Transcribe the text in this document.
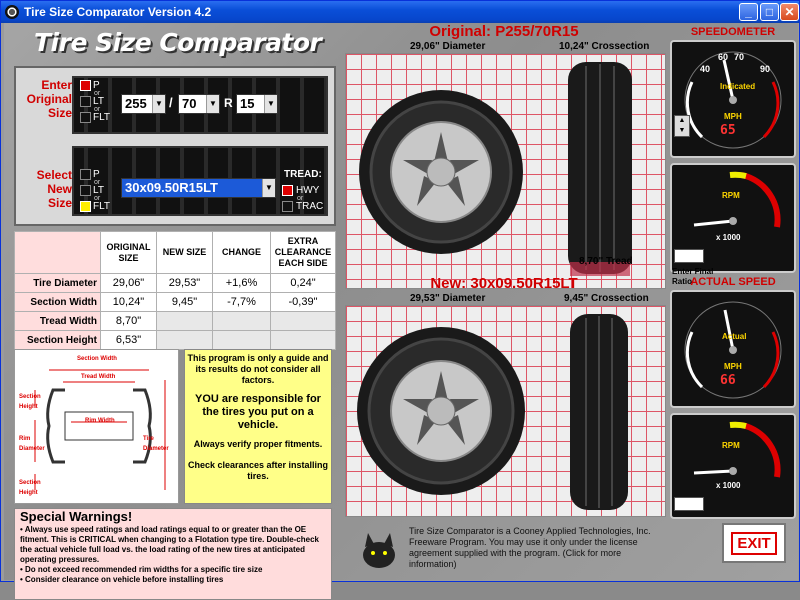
Tire Size Comparator Version 4.2	_	□ ✕
Tire Size Comparator
Enter
Original
Size
P
or
LT
or
FLT
255	▼ / 70	▼ R 15	▼
Select
New
Size
P
or
LT
or
FLT
30x09.50R15LT	▼
TREAD:
HWY
or
TRAC
	ORIGINAL SIZE	NEW SIZE	CHANGE	EXTRA CLEARANCE EACH SIDE
Tire Diameter	29,06"	29,53"	+1,6%	0,24"
Section Width	10,24"	9,45"	-7,7%	-0,39"
Tread Width	8,70"			
Section Height	6,53"			
Section Width
Tread Width
Section
Height
Rim Width
Rim
Diameter
Tire
Diameter
Section
Height
This program is only a guide and its results do not consider all factors.
YOU are responsible for the tires you put on a vehicle.
Always verify proper fitments.
Check clearances after installing tires.
Special Warnings!
• Always use speed ratings and load ratings equal to or greater than the OE fitment. This is CRITICAL when changing to a Flotation type tire. Double-check the actual vehicle full load vs. the load rating of the new tires at anticipated operating pressures.
• Do not exceed recommended rim widths for a specific tire size
• Consider clearance on vehicle before installing tires
Original: P255/70R15
29,06" Diameter	10,24" Crossection
8,70" Tread
New: 30x09.50R15LT
29,53" Diameter	9,45" Crossection
SPEEDOMETER
60 70
40	90
Indicated
MPH
65
▲
▼
RPM
x 1000
Enter Final
Ratio
ACTUAL SPEED
Actual
MPH
66
RPM
x 1000
Tire Size Comparator is a Cooney Applied Technologies, Inc. Freeware Program. You may use it only under the license agreement supplied with the program. (Click for more information)
EXIT
